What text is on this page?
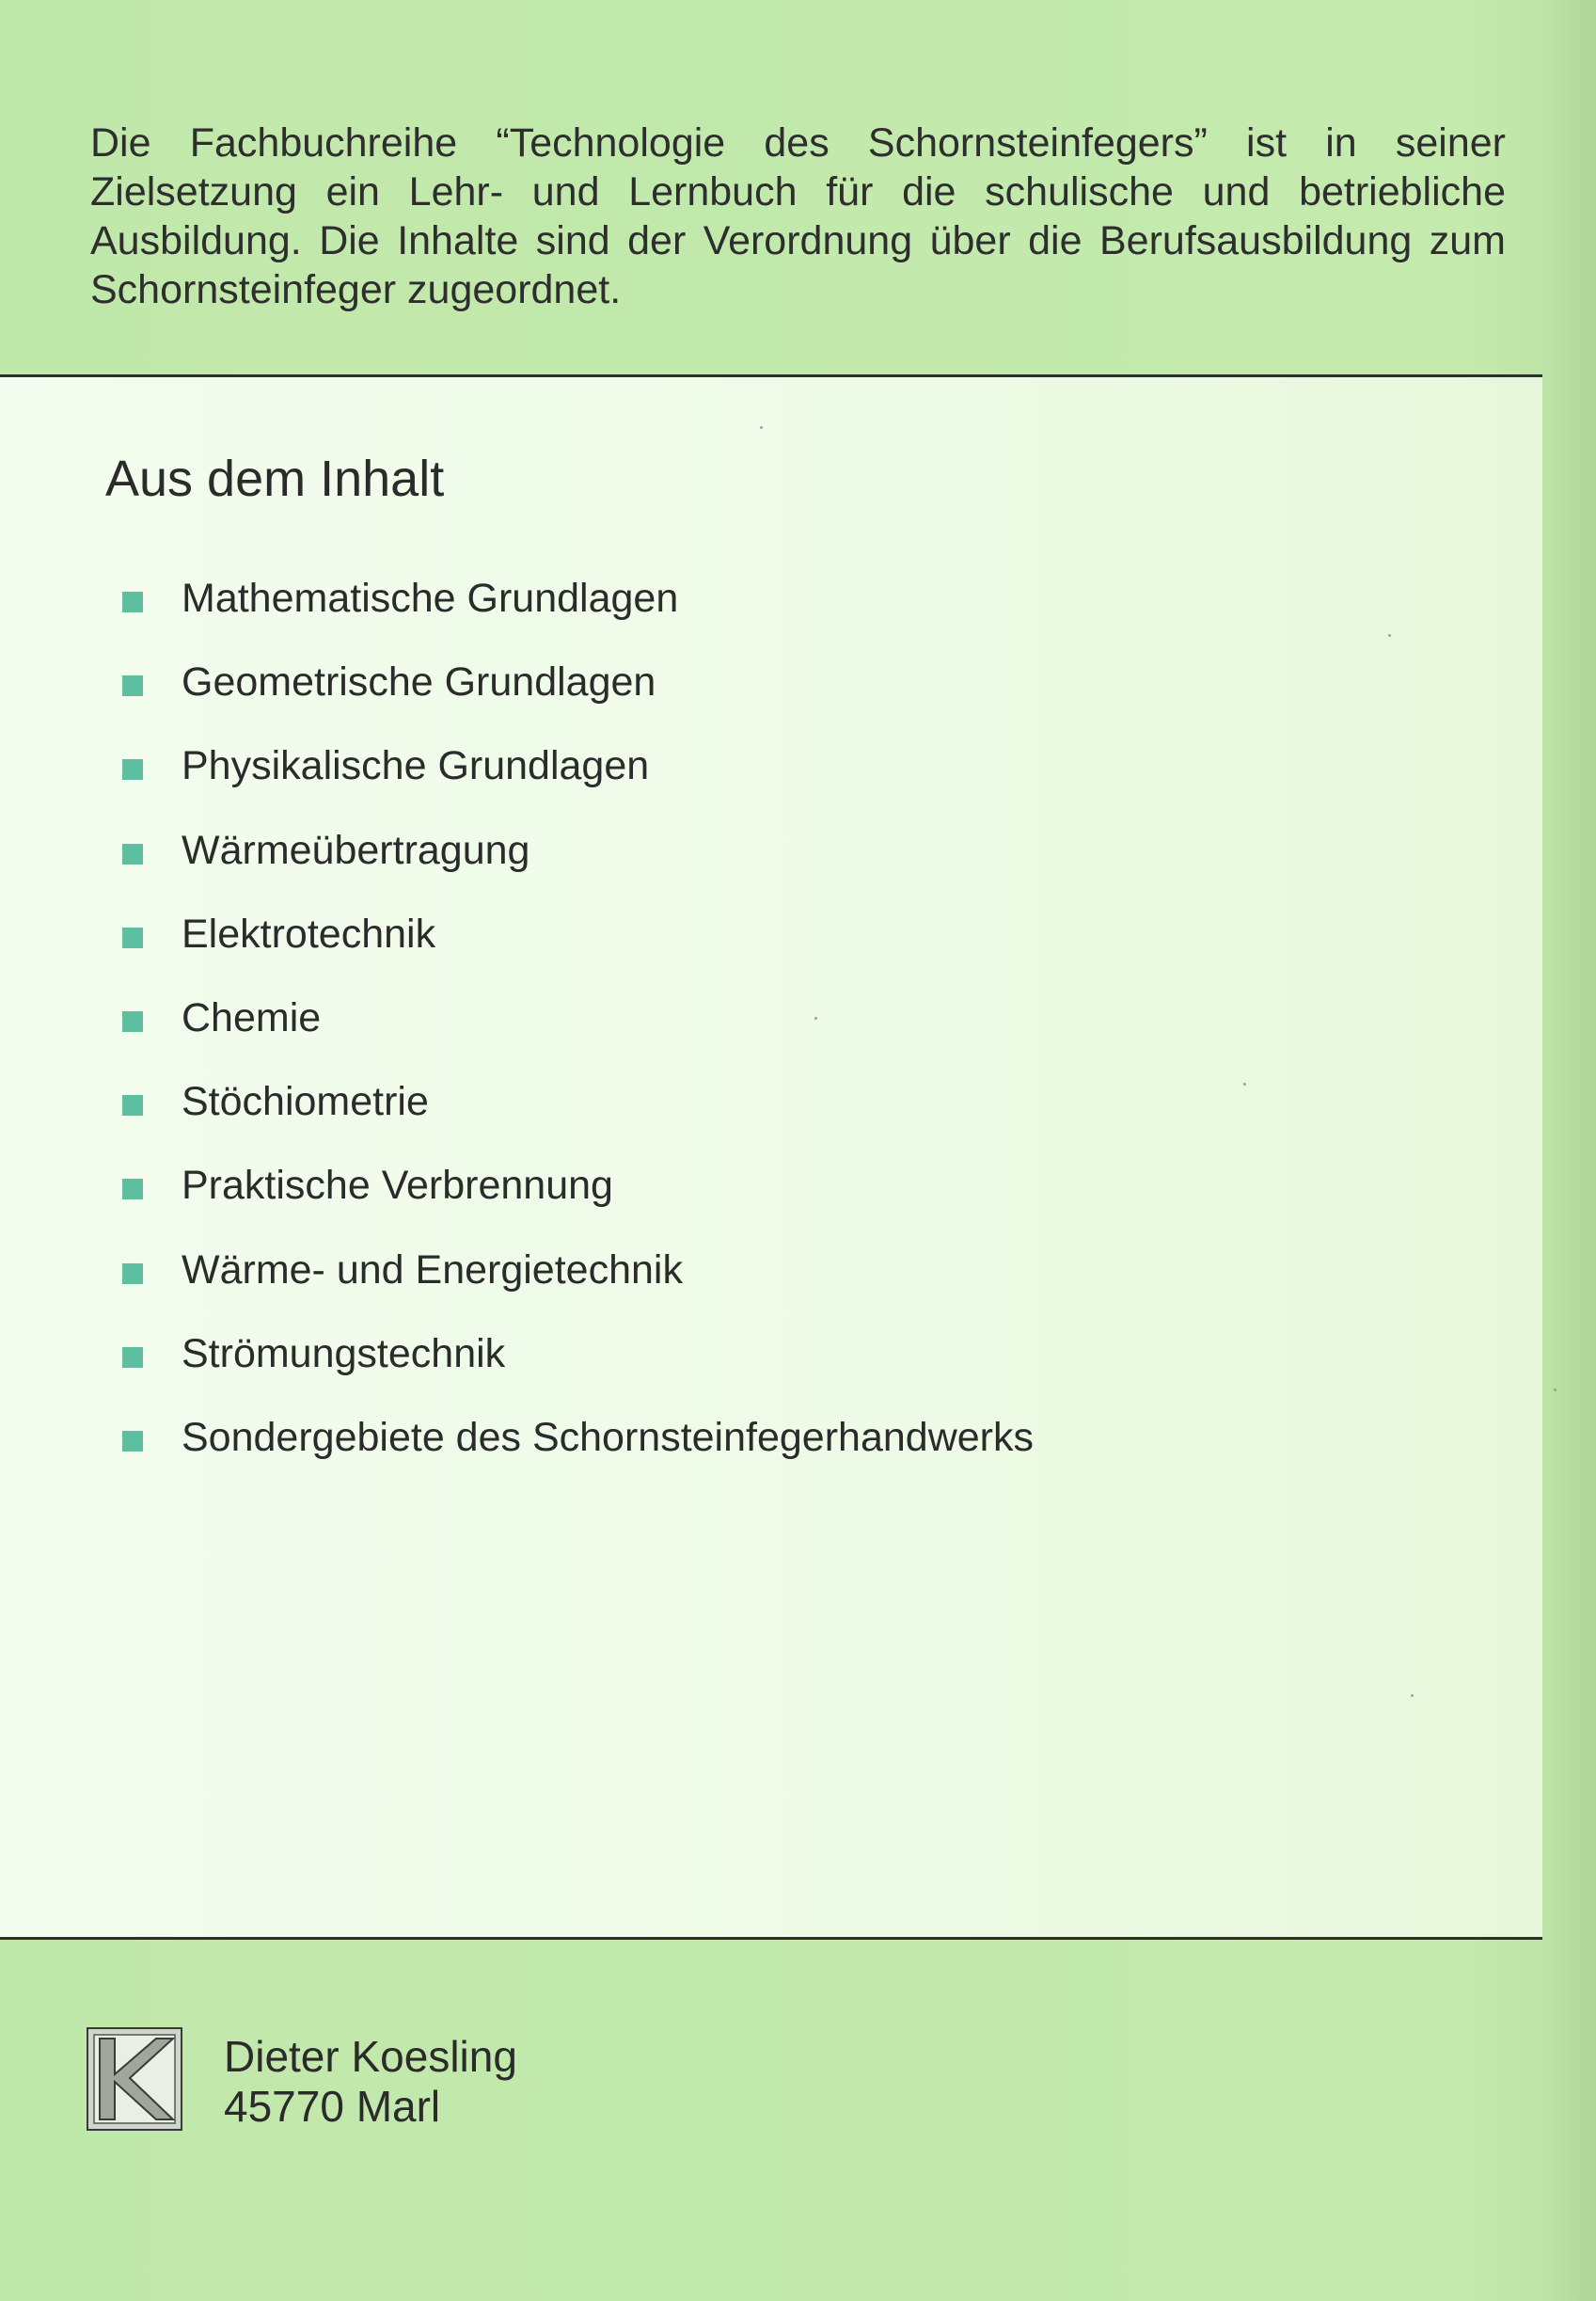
Die Fachbuchreihe “Technologie des Schornsteinfegers” ist in seiner Zielsetzung ein Lehr- und Lernbuch für die schulische und betriebliche Ausbildung. Die Inhalte sind der Verordnung über die Berufsausbildung zum Schornsteinfeger zugeordnet.

Aus dem Inhalt
Mathematische Grundlagen
Geometrische Grundlagen
Physikalische Grundlagen
Wärmeübertragung
Elektrotechnik
Chemie
Stöchiometrie
Praktische Verbrennung
Wärme- und Energietechnik
Strömungstechnik
Sondergebiete des Schornsteinfegerhandwerks
Dieter Koesling
45770 Marl
